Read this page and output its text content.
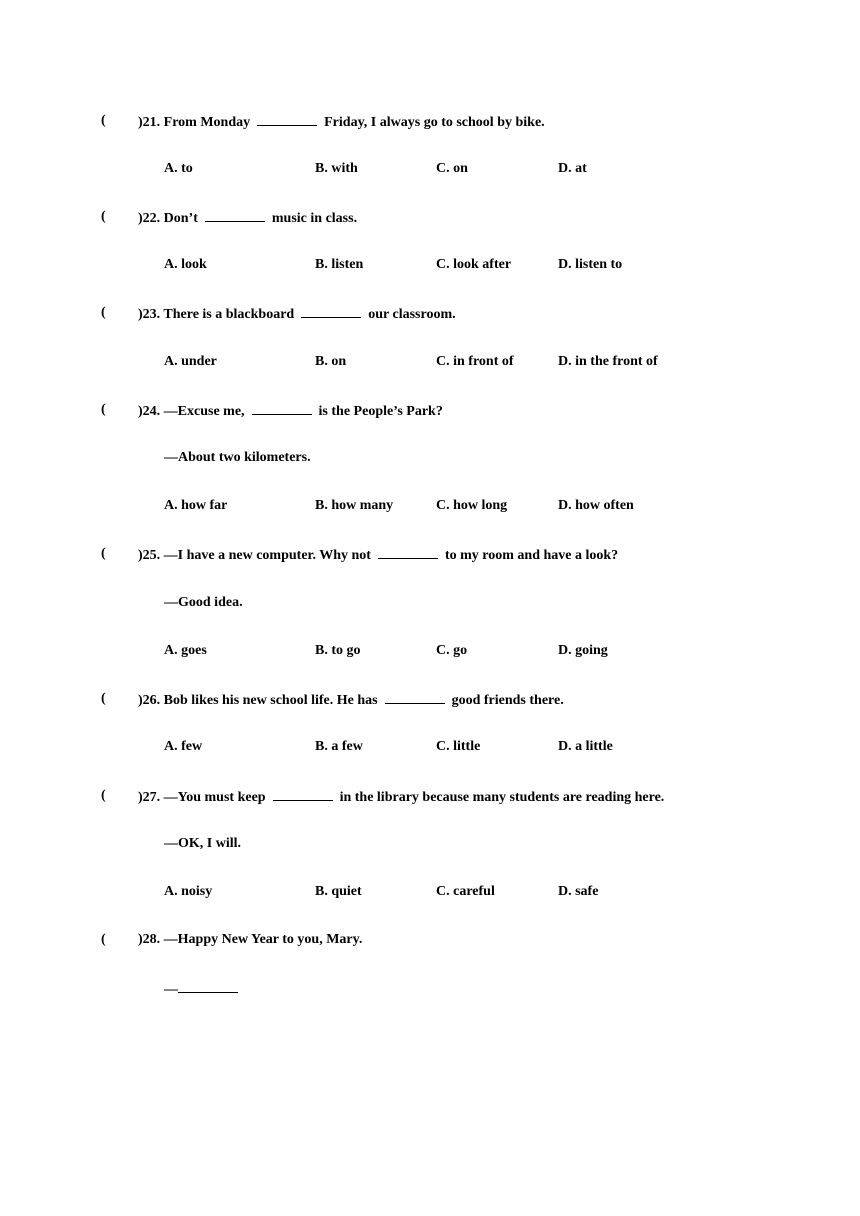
( )21. From Monday	Friday, I always go to school by bike.
A. to	B. with	C. on	D. at
( )22. Don’t	music in class.
A. look	B. listen	C. look after	D. listen to
( )23. There is a blackboard	our classroom.
A. under	B. on	C. in front of	D. in the front of
( )24. —Excuse me,	is the People’s Park?
—About two kilometers.
A. how far	B. how many	C. how long	D. how often
( )25. —I have a new computer. Why not	to my room and have a look?
—Good idea.
A. goes	B. to go	C. go	D. going
( )26. Bob likes his new school life. He has	good friends there.
A. few	B. a few	C. little	D. a little
( )27. —You must keep	in the library because many students are reading here.
—OK, I will.
A. noisy	B. quiet	C. careful	D. safe
( )28. —Happy New Year to you, Mary.
—
